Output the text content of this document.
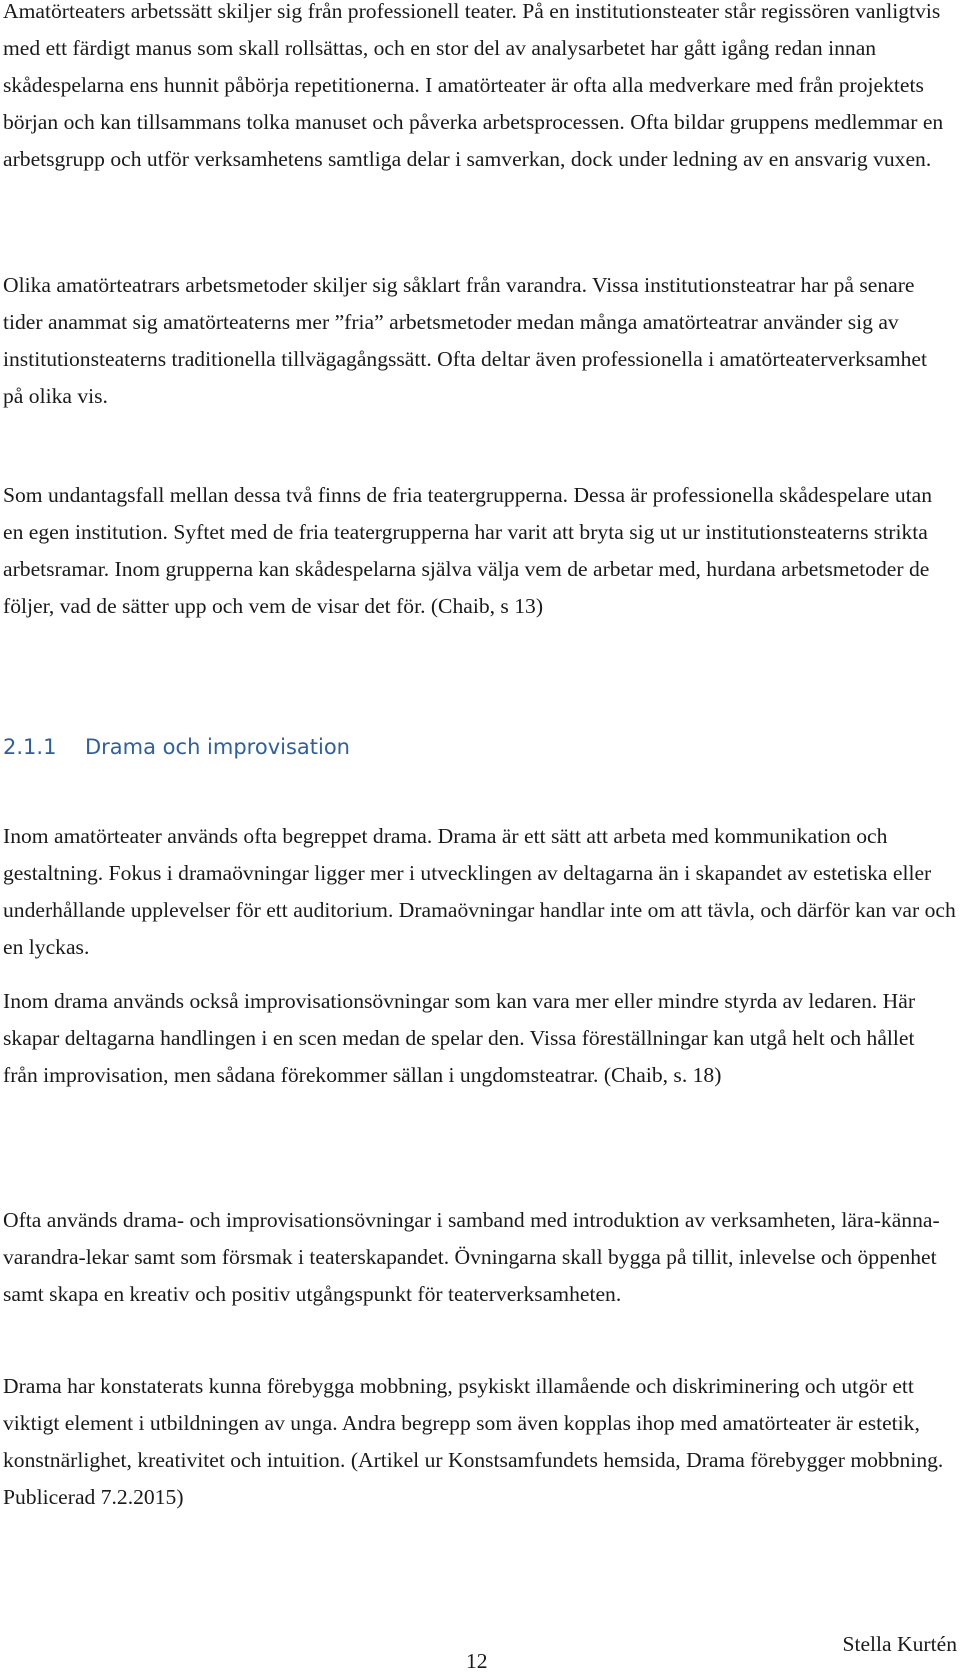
Amatörteaters arbetssätt skiljer sig från professionell teater. På en institutionsteater står regissören vanligtvis med ett färdigt manus som skall rollsättas, och en stor del av analysarbetet har gått igång redan innan skådespelarna ens hunnit påbörja repetitionerna. I amatörteater är ofta alla medverkare med från projektets början och kan tillsammans tolka manuset och påverka arbetsprocessen. Ofta bildar gruppens medlemmar en arbetsgrupp och utför verksamhetens samtliga delar i samverkan, dock under ledning av en ansvarig vuxen.

Olika amatörteatrars arbetsmetoder skiljer sig såklart från varandra. Vissa institutionsteatrar har på senare tider anammat sig amatörteaterns mer ”fria” arbetsmetoder medan många amatörteatrar använder sig av institutionsteaterns traditionella tillvägagångssätt. Ofta deltar även professionella i amatörteaterverksamhet på olika vis.

Som undantagsfall mellan dessa två finns de fria teatergrupperna. Dessa är professionella skådespelare utan en egen institution. Syftet med de fria teatergrupperna har varit att bryta sig ut ur institutionsteaterns strikta arbetsramar. Inom grupperna kan skådespelarna själva välja vem de arbetar med, hurdana arbetsmetoder de följer, vad de sätter upp och vem de visar det för. (Chaib, s 13)

2.1.1 Drama och improvisation

Inom amatörteater används ofta begreppet drama. Drama är ett sätt att arbeta med kommunikation och gestaltning. Fokus i dramaövningar ligger mer i utvecklingen av deltagarna än i skapandet av estetiska eller underhållande upplevelser för ett auditorium. Dramaövningar handlar inte om att tävla, och därför kan var och en lyckas.

Inom drama används också improvisationsövningar som kan vara mer eller mindre styrda av ledaren. Här skapar deltagarna handlingen i en scen medan de spelar den. Vissa föreställningar kan utgå helt och hållet från improvisation, men sådana förekommer sällan i ungdomsteatrar. (Chaib, s. 18)

Ofta används drama- och improvisationsövningar i samband med introduktion av verksamheten, lära-känna-varandra-lekar samt som försmak i teaterskapandet. Övningarna skall bygga på tillit, inlevelse och öppenhet samt skapa en kreativ och positiv utgångspunkt för teaterverksamheten.

Drama har konstaterats kunna förebygga mobbning, psykiskt illamående och diskriminering och utgör ett viktigt element i utbildningen av unga. Andra begrepp som även kopplas ihop med amatörteater är estetik, konstnärlighet, kreativitet och intuition. (Artikel ur Konstsamfundets hemsida, Drama förebygger mobbning. Publicerad 7.2.2015)

Stella Kurtén
12
